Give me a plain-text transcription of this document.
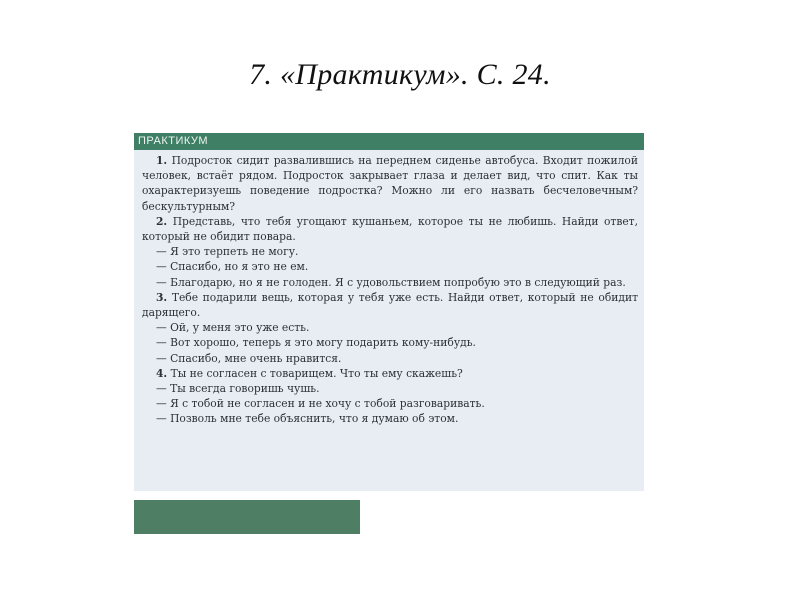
7. «Практикум». С. 24.
ПРАКТИКУМ

1. Подросток сидит развалившись на переднем сиденье автобуса. Входит пожилой человек, встаёт рядом. Подросток закрывает глаза и делает вид, что спит. Как ты охарактеризуешь поведение подростка? Можно ли его назвать бесчеловечным? бескультурным?

2. Представь, что тебя угощают кушаньем, которое ты не любишь. Найди ответ, который не обидит повара.

— Я это терпеть не могу.

— Спасибо, но я это не ем.

— Благодарю, но я не голоден. Я с удовольствием попробую это в следующий раз.

3. Тебе подарили вещь, которая у тебя уже есть. Найди ответ, который не обидит дарящего.

— Ой, у меня это уже есть.

— Вот хорошо, теперь я это могу подарить кому-нибудь.

— Спасибо, мне очень нравится.

4. Ты не согласен с товарищем. Что ты ему скажешь?

— Ты всегда говоришь чушь.

— Я с тобой не согласен и не хочу с тобой разговаривать.

— Позволь мне тебе объяснить, что я думаю об этом.
